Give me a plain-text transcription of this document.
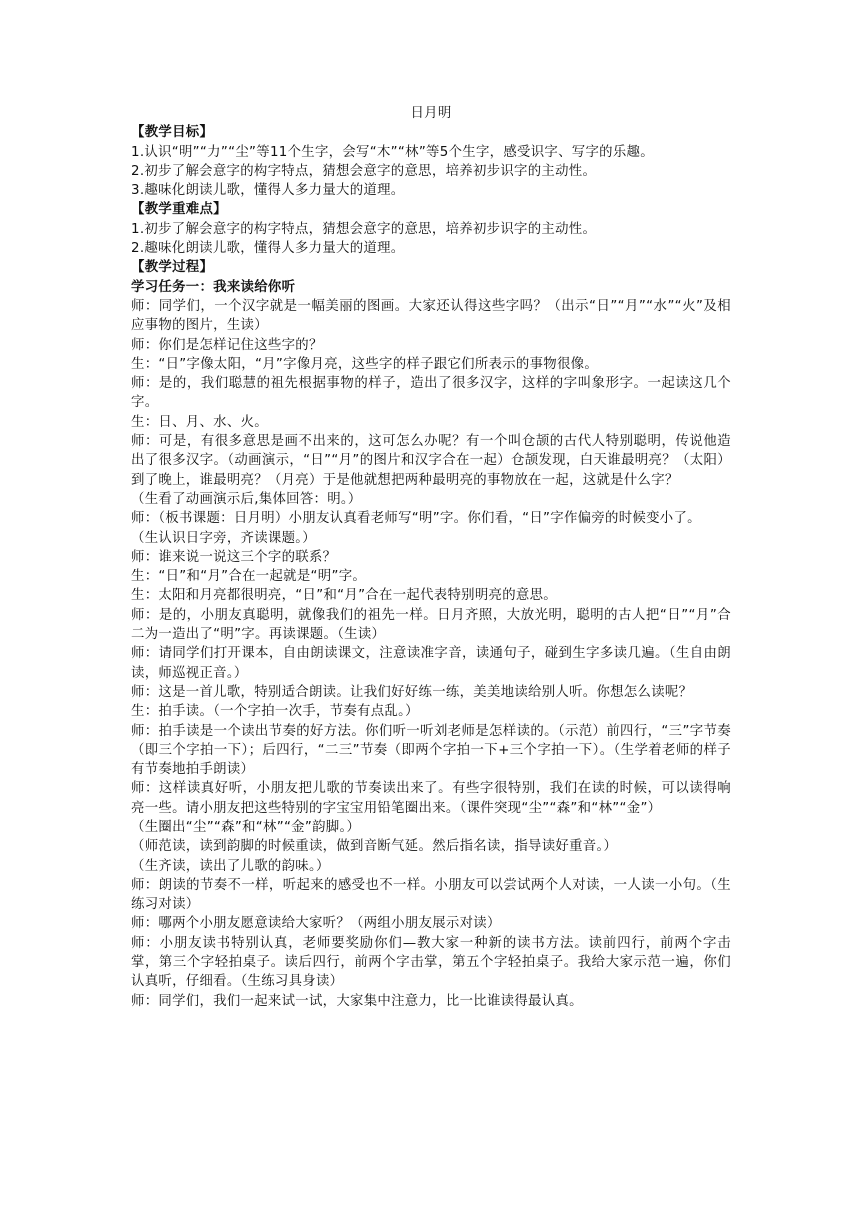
日月明

【教学目标】

1.认识“明”“力”“尘”等11个生字，会写“木”“林”等5个生字，感受识字、写字的乐趣。

2.初步了解会意字的构字特点，猜想会意字的意思，培养初步识字的主动性。

3.趣味化朗读儿歌，懂得人多力量大的道理。

【教学重难点】

1.初步了解会意字的构字特点，猜想会意字的意思，培养初步识字的主动性。

2.趣味化朗读儿歌，懂得人多力量大的道理。

【教学过程】

学习任务一：我来读给你听

师：同学们，一个汉字就是一幅美丽的图画。大家还认得这些字吗？（出示“日”“月”“水”“火”及相应事物的图片，生读）

师：你们是怎样记住这些字的？

生：“日”字像太阳，“月”字像月亮，这些字的样子跟它们所表示的事物很像。

师：是的，我们聪慧的祖先根据事物的样子，造出了很多汉字，这样的字叫象形字。一起读这几个字。

生：日、月、水、火。

师：可是，有很多意思是画不出来的，这可怎么办呢？有一个叫仓颉的古代人特别聪明，传说他造出了很多汉字。（动画演示，“日”“月”的图片和汉字合在一起）仓颉发现，白天谁最明亮？（太阳）到了晚上，谁最明亮？（月亮）于是他就想把两种最明亮的事物放在一起，这就是什么字？

（生看了动画演示后,集体回答：明。）

师：（板书课题：日月明）小朋友认真看老师写“明”字。你们看，“日”字作偏旁的时候变小了。

（生认识日字旁，齐读课题。）

师：谁来说一说这三个字的联系？

生：“日”和“月”合在一起就是“明”字。

生：太阳和月亮都很明亮，“日”和“月”合在一起代表特别明亮的意思。

师：是的，小朋友真聪明，就像我们的祖先一样。日月齐照，大放光明，聪明的古人把“日”“月”合二为一造出了“明”字。再读课题。（生读）

师：请同学们打开课本，自由朗读课文，注意读准字音，读通句子，碰到生字多读几遍。（生自由朗读，师巡视正音。）

师：这是一首儿歌，特别适合朗读。让我们好好练一练，美美地读给别人听。你想怎么读呢？

生：拍手读。（一个字拍一次手，节奏有点乱。）

师：拍手读是一个读出节奏的好方法。你们听一听刘老师是怎样读的。（示范）前四行，“三”字节奏（即三个字拍一下）；后四行，“二三”节奏（即两个字拍一下+三个字拍一下）。（生学着老师的样子有节奏地拍手朗读）

师：这样读真好听，小朋友把儿歌的节奏读出来了。有些字很特别，我们在读的时候，可以读得响亮一些。请小朋友把这些特别的字宝宝用铅笔圈出来。（课件突现“尘”“森”和“林”“金”）

（生圈出“尘”“森”和“林”“金”韵脚。）

（师范读，读到韵脚的时候重读，做到音断气延。然后指名读，指导读好重音。）

（生齐读，读出了儿歌的韵味。）

师：朗读的节奏不一样，听起来的感受也不一样。小朋友可以尝试两个人对读，一人读一小句。（生练习对读）

师：哪两个小朋友愿意读给大家听？（两组小朋友展示对读）

师：小朋友读书特别认真，老师要奖励你们—教大家一种新的读书方法。读前四行，前两个字击掌，第三个字轻拍桌子。读后四行，前两个字击掌，第五个字轻拍桌子。我给大家示范一遍，你们认真听，仔细看。（生练习具身读）

师：同学们，我们一起来试一试，大家集中注意力，比一比谁读得最认真。
